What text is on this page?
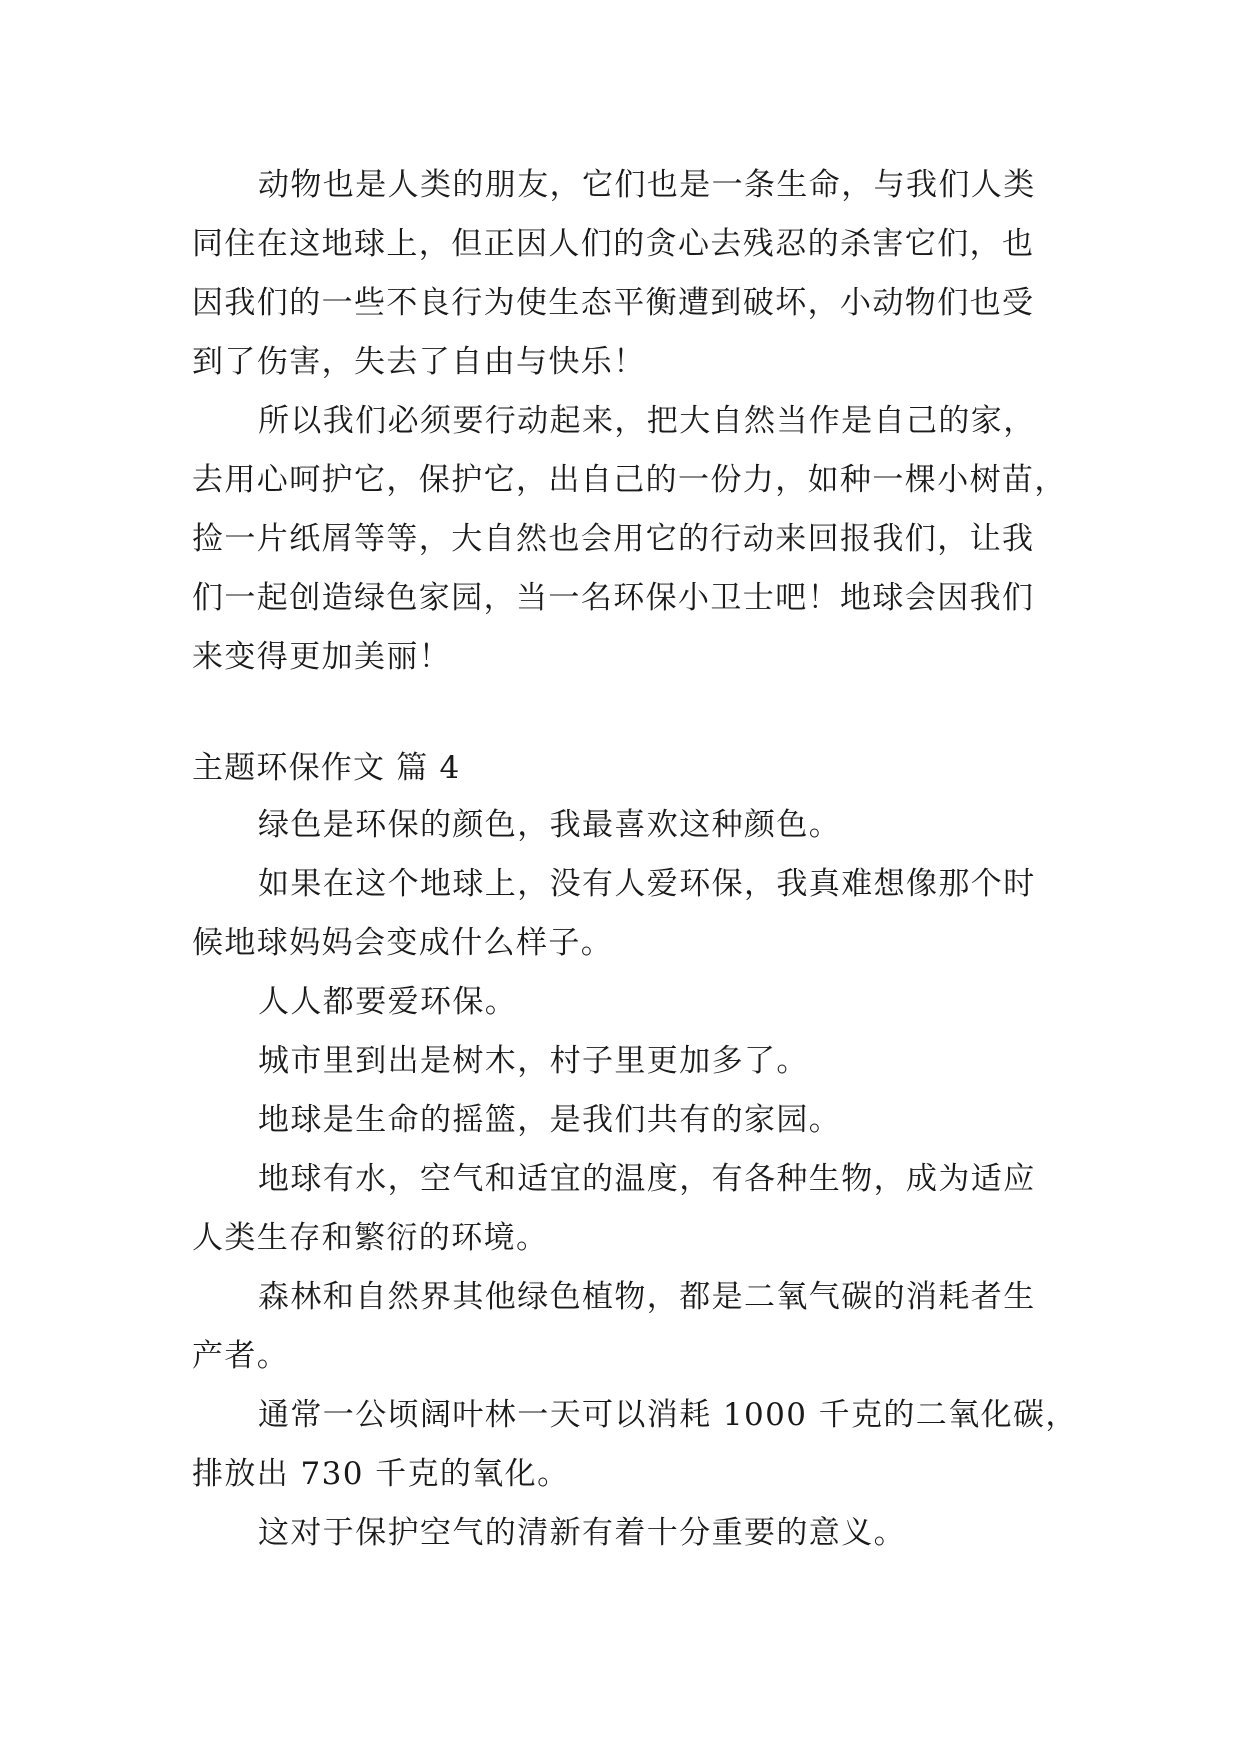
动物也是人类的朋友，它们也是一条生命，与我们人类
同住在这地球上，但正因人们的贪心去残忍的杀害它们，也
因我们的一些不良行为使生态平衡遭到破坏，小动物们也受
到了伤害，失去了自由与快乐！
所以我们必须要行动起来，把大自然当作是自己的家，
去用心呵护它，保护它，出自己的一份力，如种一棵小树苗，
捡一片纸屑等等，大自然也会用它的行动来回报我们，让我
们一起创造绿色家园，当一名环保小卫士吧！地球会因我们
来变得更加美丽！
主题环保作文 篇 4
绿色是环保的颜色，我最喜欢这种颜色。
如果在这个地球上，没有人爱环保，我真难想像那个时
候地球妈妈会变成什么样子。
人人都要爱环保。
城市里到出是树木，村子里更加多了。
地球是生命的摇篮，是我们共有的家园。
地球有水，空气和适宜的温度，有各种生物，成为适应
人类生存和繁衍的环境。
森林和自然界其他绿色植物，都是二氧气碳的消耗者生
产者。
通常一公顷阔叶林一天可以消耗 1000 千克的二氧化碳，
排放出 730 千克的氧化。
这对于保护空气的清新有着十分重要的意义。
